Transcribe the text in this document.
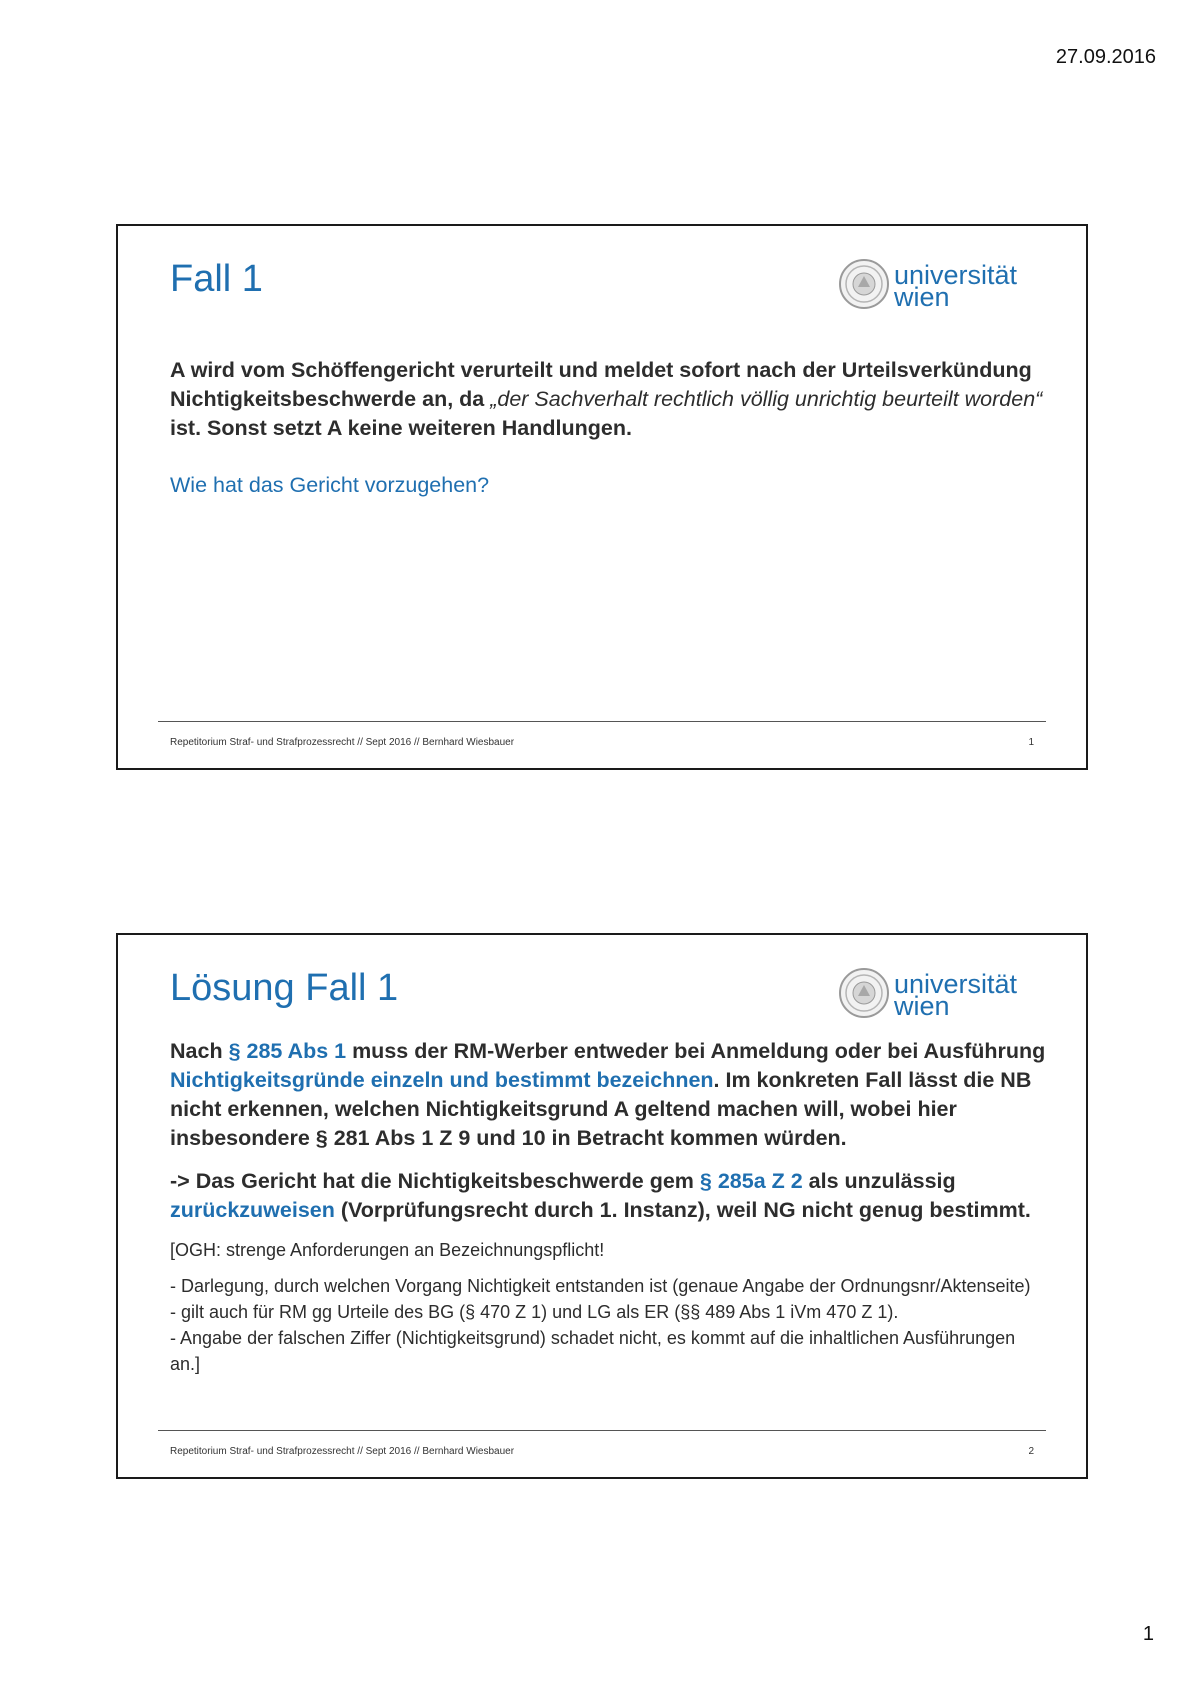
27.09.2016
Fall 1	universität
wien

A wird vom Schöffengericht verurteilt und meldet sofort nach der Urteilsverkündung Nichtigkeitsbeschwerde an, da „der Sachverhalt rechtlich völlig unrichtig beurteilt worden“ ist. Sonst setzt A keine weiteren Handlungen.

Wie hat das Gericht vorzugehen?

Repetitorium Straf- und Strafprozessrecht // Sept 2016 // Bernhard Wiesbauer	1
Lösung Fall 1	universität
wien

Nach § 285 Abs 1 muss der RM-Werber entweder bei Anmeldung oder bei Ausführung Nichtigkeitsgründe einzeln und bestimmt bezeichnen. Im konkreten Fall lässt die NB nicht erkennen, welchen Nichtigkeitsgrund A geltend machen will, wobei hier insbesondere § 281 Abs 1 Z 9 und 10 in Betracht kommen würden.

-> Das Gericht hat die Nichtigkeitsbeschwerde gem § 285a Z 2 als unzulässig zurückzuweisen (Vorprüfungsrecht durch 1. Instanz), weil NG nicht genug bestimmt.

[OGH: strenge Anforderungen an Bezeichnungspflicht!

- Darlegung, durch welchen Vorgang Nichtigkeit entstanden ist (genaue Angabe der Ordnungsnr/Aktenseite)
- gilt auch für RM gg Urteile des BG (§ 470 Z 1) und LG als ER (§§ 489 Abs 1 iVm 470 Z 1).
- Angabe der falschen Ziffer (Nichtigkeitsgrund) schadet nicht, es kommt auf die inhaltlichen Ausführungen an.]
Repetitorium Straf- und Strafprozessrecht // Sept 2016 // Bernhard Wiesbauer	2
1
